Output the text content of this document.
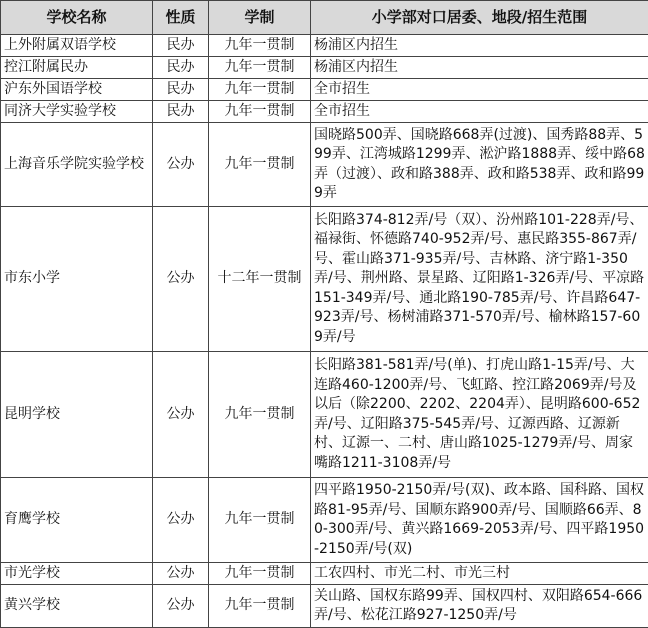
学校名称	性质	学制	小学部对口居委、地段/招生范围
上外附属双语学校	民办	九年一贯制	杨浦区内招生
控江附属民办	民办	九年一贯制	杨浦区内招生
沪东外国语学校	民办	九年一贯制	全市招生
同济大学实验学校	民办	九年一贯制	全市招生
上海音乐学院实验学校	公办	九年一贯制	国晓路500弄、国晓路668弄(过渡)、国秀路88弄、599弄、江湾城路1299弄、淞沪路1888弄、绥中路68弄（过渡）、政和路388弄、政和路538弄、政和路999弄
市东小学	公办	十二年一贯制	长阳路374-812弄/号（双）、汾州路101-228弄/号、福禄街、怀德路740-952弄/号、惠民路355-867弄/号、霍山路371-935弄/号、吉林路、济宁路1-350弄/号、荆州路、景星路、辽阳路1-326弄/号、平凉路151-349弄/号、通北路190-785弄/号、许昌路647-923弄/号、杨树浦路371-570弄/号、榆林路157-609弄/号
昆明学校	公办	九年一贯制	长阳路381-581弄/号(单)、打虎山路1-15弄/号、大连路460-1200弄/号、飞虹路、控江路2069弄/号及以后（除2200、2202、2204弄）、昆明路600-652弄/号、辽阳路375-545弄/号、辽源西路、辽源新村、辽源一、二村、唐山路1025-1279弄/号、周家嘴路1211-3108弄/号
育鹰学校	公办	九年一贯制	四平路1950-2150弄/号(双)、政本路、国科路、国权路81-95弄/号、国顺东路900弄/号、国顺路66弄、80-300弄/号、黄兴路1669-2053弄/号、四平路1950-2150弄/号(双)
市光学校	公办	九年一贯制	工农四村、市光二村、市光三村
黄兴学校	公办	九年一贯制	关山路、国权东路99弄、国权四村、双阳路654-666弄/号、松花江路927-1250弄/号
